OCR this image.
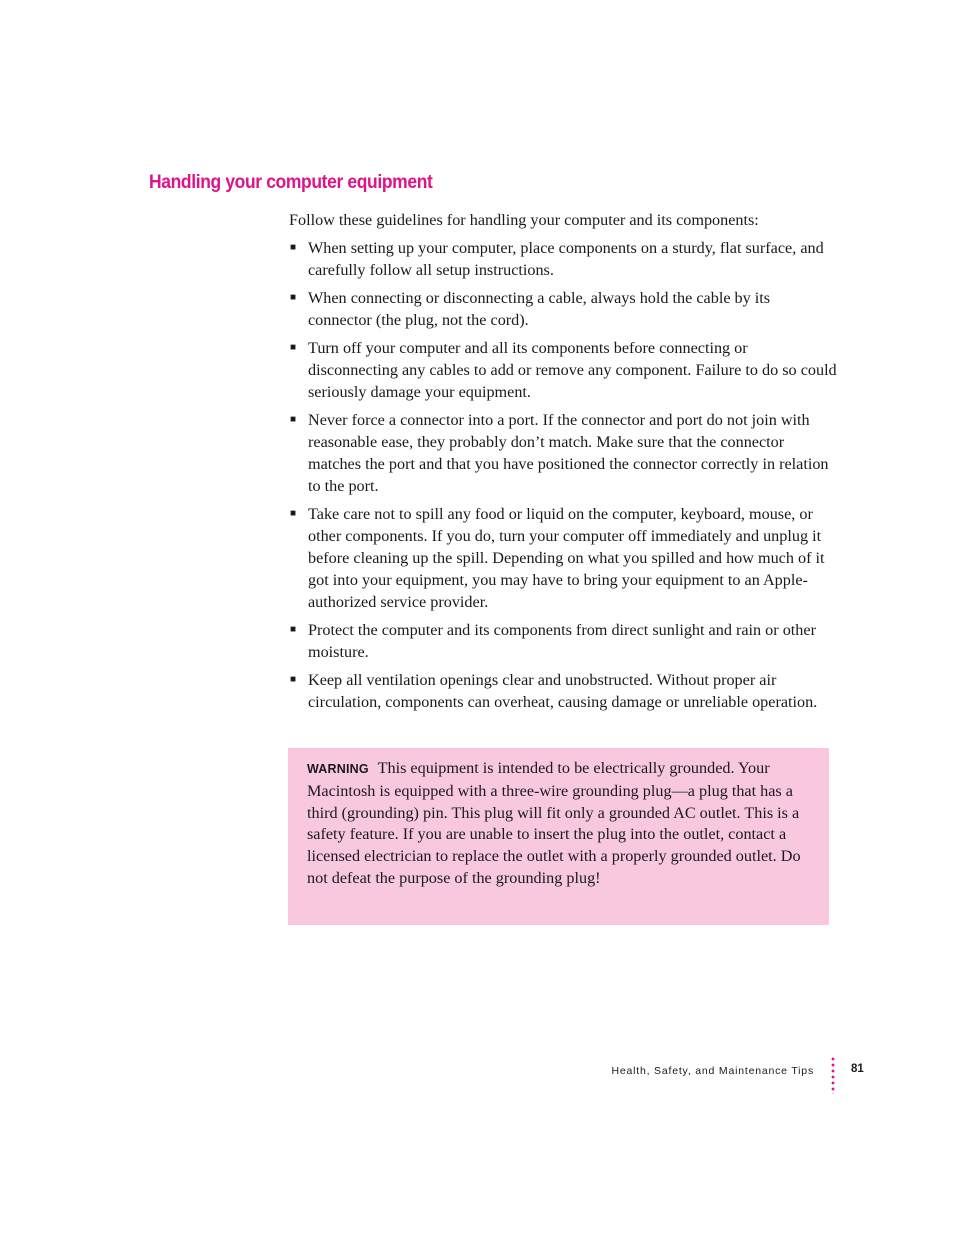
Handling your computer equipment

Follow these guidelines for handling your computer and its components:

■ When setting up your computer, place components on a sturdy, flat surface, and carefully follow all setup instructions.
■ When connecting or disconnecting a cable, always hold the cable by its connector (the plug, not the cord).
■ Turn off your computer and all its components before connecting or disconnecting any cables to add or remove any component. Failure to do so could seriously damage your equipment.
■ Never force a connector into a port. If the connector and port do not join with reasonable ease, they probably don’t match. Make sure that the connector matches the port and that you have positioned the connector correctly in relation to the port.
■ Take care not to spill any food or liquid on the computer, keyboard, mouse, or other components. If you do, turn your computer off immediately and unplug it before cleaning up the spill. Depending on what you spilled and how much of it got into your equipment, you may have to bring your equipment to an Apple-authorized service provider.
■ Protect the computer and its components from direct sunlight and rain or other moisture.
■ Keep all ventilation openings clear and unobstructed. Without proper air circulation, components can overheat, causing damage or unreliable operation.
WARNING This equipment is intended to be electrically grounded. Your Macintosh is equipped with a three-wire grounding plug—a plug that has a third (grounding) pin. This plug will fit only a grounded AC outlet. This is a safety feature. If you are unable to insert the plug into the outlet, contact a licensed electrician to replace the outlet with a properly grounded outlet. Do not defeat the purpose of the grounding plug!
Health, Safety, and Maintenance Tips	81
